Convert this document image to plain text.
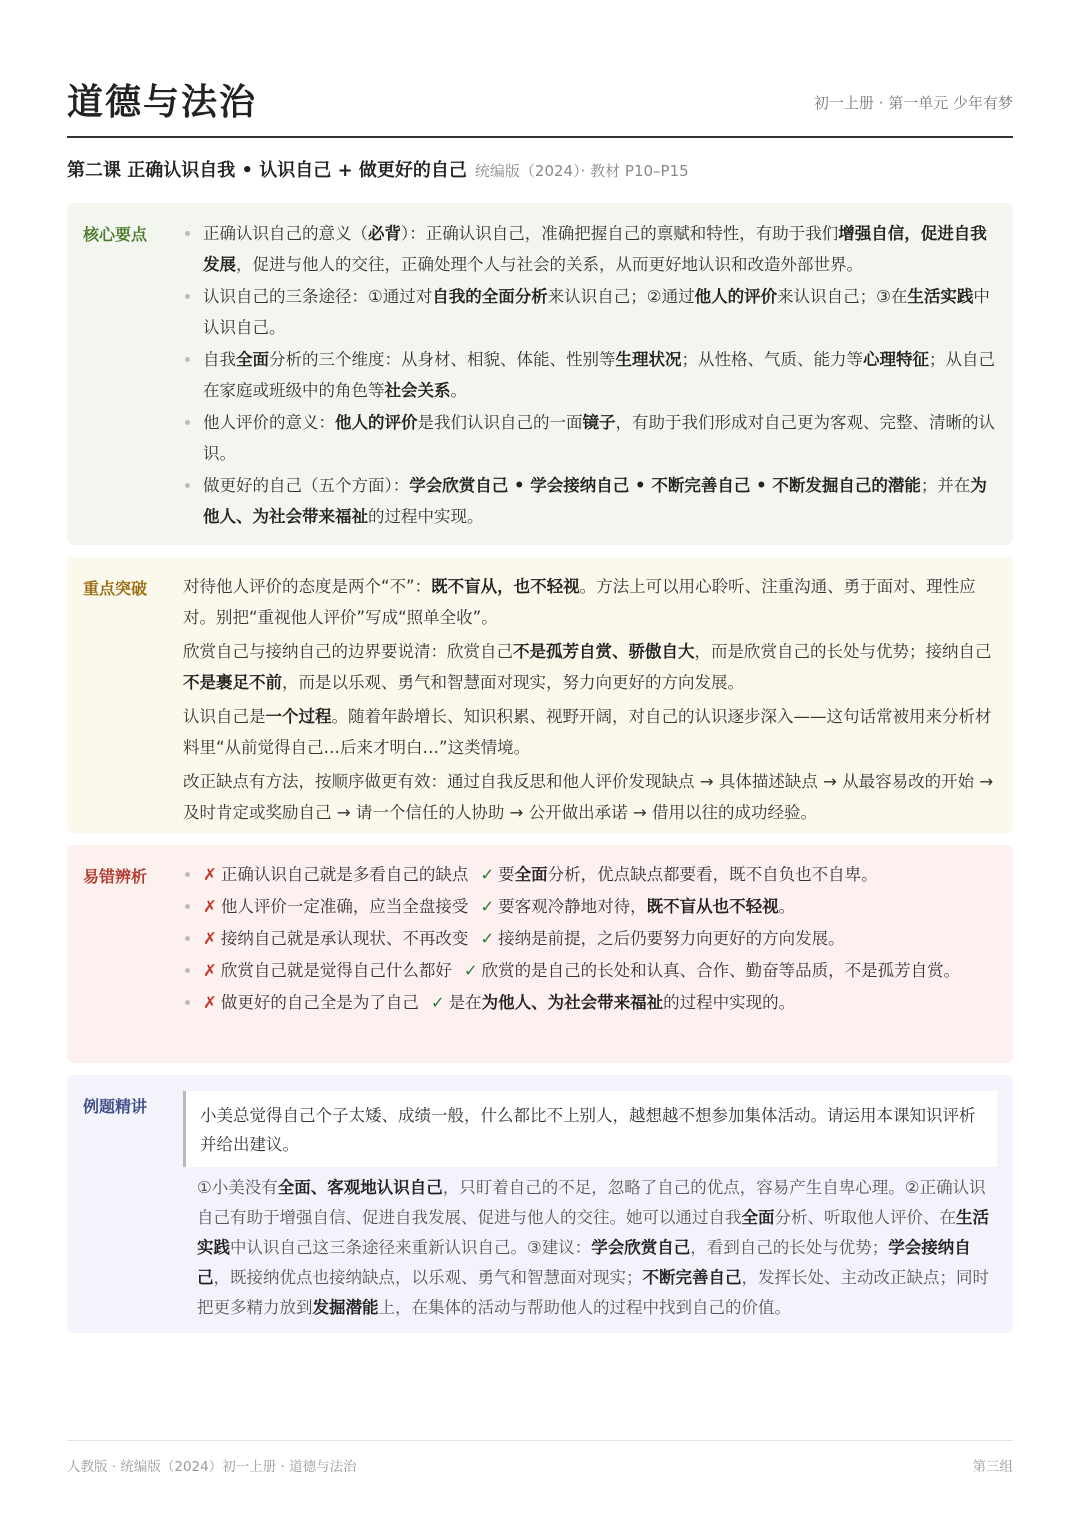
道德与法治	初一上册 · 第一单元 少年有梦
第二课 正确认识自我 • 认识自己 + 做更好的自己 统编版（2024）· 教材 P10–P15
核心要点	正确认识自己的意义（必背）：正确认识自己，准确把握自己的禀赋和特性，有助于我们增强自信，促进自我发展，促进与他人的交往，正确处理个人与社会的关系，从而更好地认识和改造外部世界。
认识自己的三条途径：①通过对自我的全面分析来认识自己；②通过他人的评价来认识自己；③在生活实践中认识自己。
自我全面分析的三个维度：从身材、相貌、体能、性别等生理状况；从性格、气质、能力等心理特征；从自己在家庭或班级中的角色等社会关系。
他人评价的意义：他人的评价是我们认识自己的一面镜子，有助于我们形成对自己更为客观、完整、清晰的认识。
做更好的自己（五个方面）：学会欣赏自己 • 学会接纳自己 • 不断完善自己 • 不断发掘自己的潜能；并在为他人、为社会带来福祉的过程中实现。
重点突破 对待他人评价的态度是两个“不”：既不盲从，也不轻视。方法上可以用心聆听、注重沟通、勇于面对、理性应对。别把“重视他人评价”写成“照单全收”。

欣赏自己与接纳自己的边界要说清：欣赏自己不是孤芳自赏、骄傲自大，而是欣赏自己的长处与优势；接纳自己不是裹足不前，而是以乐观、勇气和智慧面对现实，努力向更好的方向发展。

认识自己是一个过程。随着年龄增长、知识积累、视野开阔，对自己的认识逐步深入——这句话常被用来分析材料里“从前觉得自己…后来才明白…”这类情境。

改正缺点有方法，按顺序做更有效：通过自我反思和他人评价发现缺点 → 具体描述缺点 → 从最容易改的开始 → 及时肯定或奖励自己 → 请一个信任的人协助 → 公开做出承诺 → 借用以往的成功经验。

易错辨析	✗ 正确认识自己就是多看自己的缺点 ✓ 要全面分析，优点缺点都要看，既不自负也不自卑。
✗ 他人评价一定准确，应当全盘接受 ✓ 要客观冷静地对待，既不盲从也不轻视。
✗ 接纳自己就是承认现状、不再改变 ✓ 接纳是前提，之后仍要努力向更好的方向发展。
✗ 欣赏自己就是觉得自己什么都好 ✓ 欣赏的是自己的长处和认真、合作、勤奋等品质，不是孤芳自赏。
✗ 做更好的自己全是为了自己 ✓ 是在为他人、为社会带来福祉的过程中实现的。
例题精讲	小美总觉得自己个子太矮、成绩一般，什么都比不上别人，越想越不想参加集体活动。请运用本课知识评析并给出建议。
①小美没有全面、客观地认识自己，只盯着自己的不足，忽略了自己的优点，容易产生自卑心理。②正确认识自己有助于增强自信、促进自我发展、促进与他人的交往。她可以通过自我全面分析、听取他人评价、在生活实践中认识自己这三条途径来重新认识自己。③建议：学会欣赏自己，看到自己的长处与优势；学会接纳自己，既接纳优点也接纳缺点，以乐观、勇气和智慧面对现实；不断完善自己，发挥长处、主动改正缺点；同时把更多精力放到发掘潜能上，在集体的活动与帮助他人的过程中找到自己的价值。
人教版 · 统编版（2024）初一上册 · 道德与法治	第三组
